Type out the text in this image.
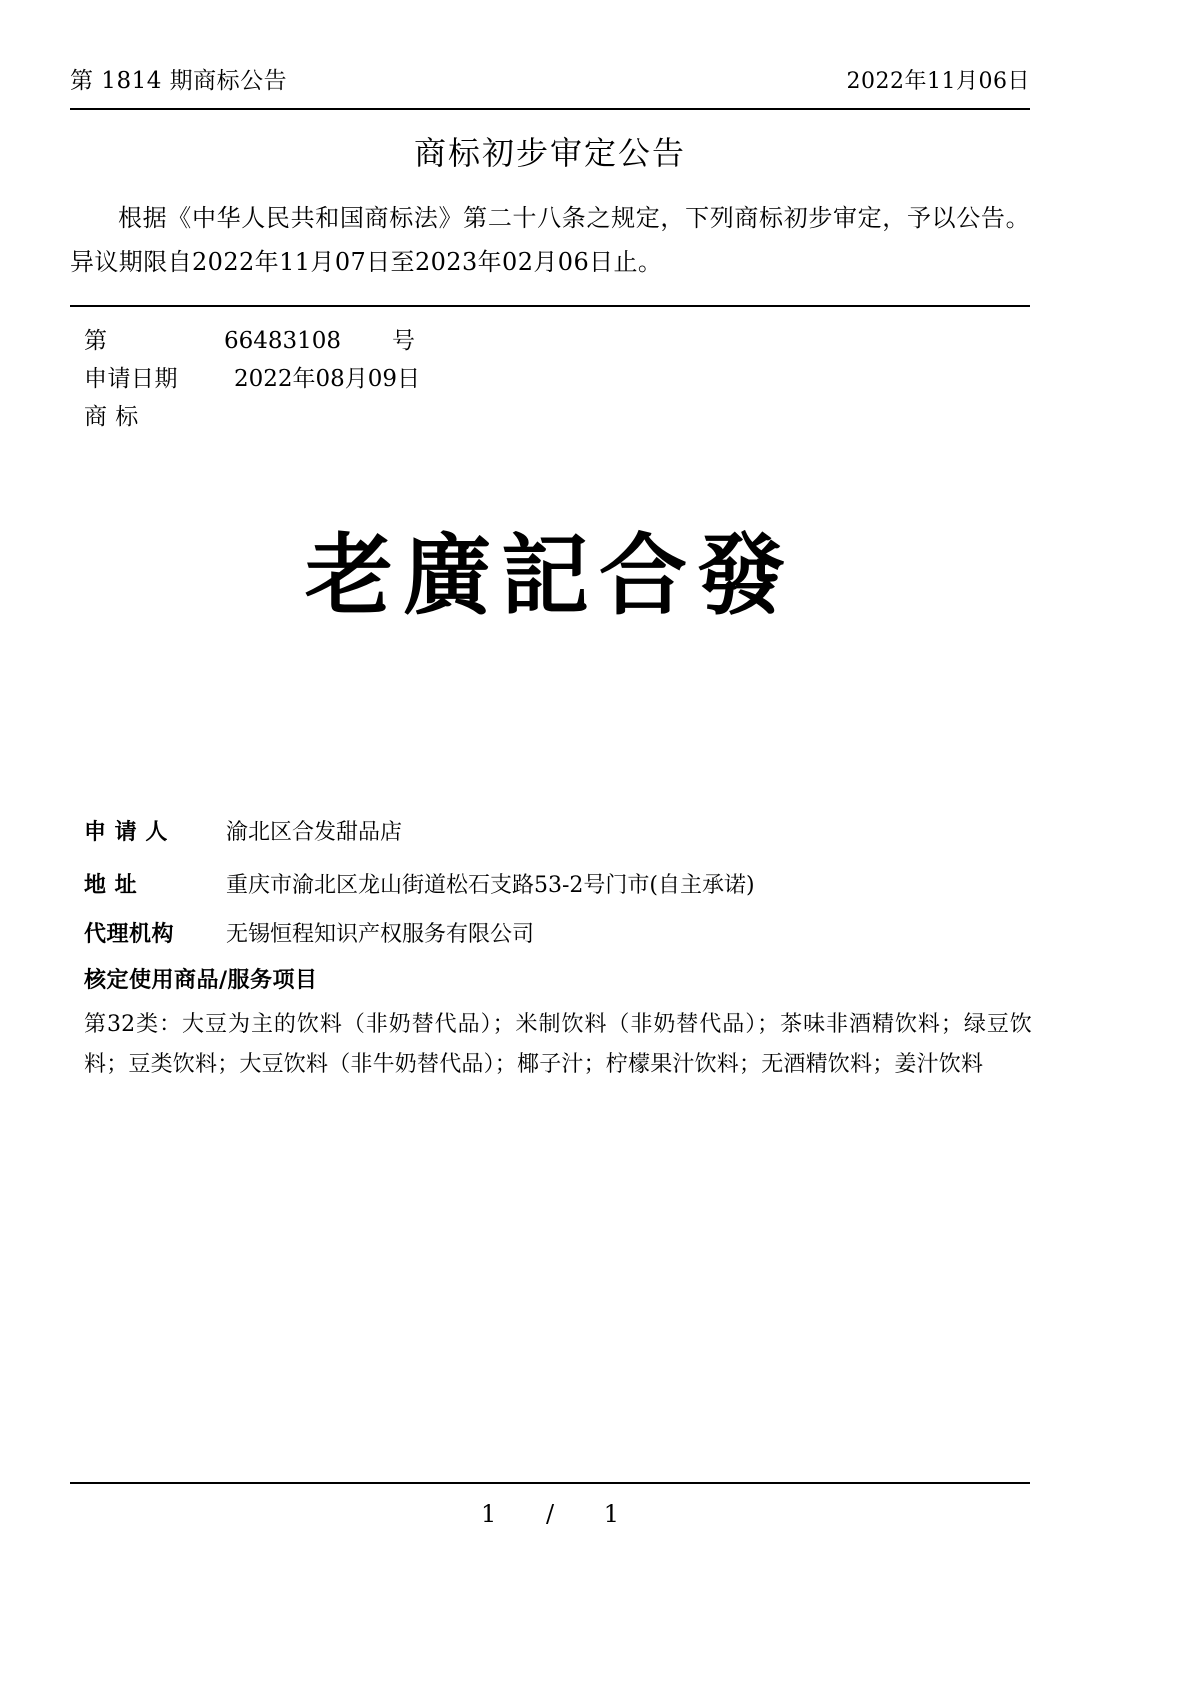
第 1814 期商标公告	2022年11月06日
商标初步审定公告
根据《中华人民共和国商标法》第二十八条之规定，下列商标初步审定，予以公告。异议期限自2022年11月07日至2023年02月06日止。
第	66483108	号
申请日期	2022年08月09日
商 标
老廣記合發
申 请 人	渝北区合发甜品店
地 址	重庆市渝北区龙山街道松石支路53-2号门市(自主承诺)
代理机构	无锡恒程知识产权服务有限公司
核定使用商品/服务项目
第32类：大豆为主的饮料（非奶替代品）；米制饮料（非奶替代品）；茶味非酒精饮料；绿豆饮料；豆类饮料；大豆饮料（非牛奶替代品）；椰子汁；柠檬果汁饮料；无酒精饮料；姜汁饮料
1 / 1
